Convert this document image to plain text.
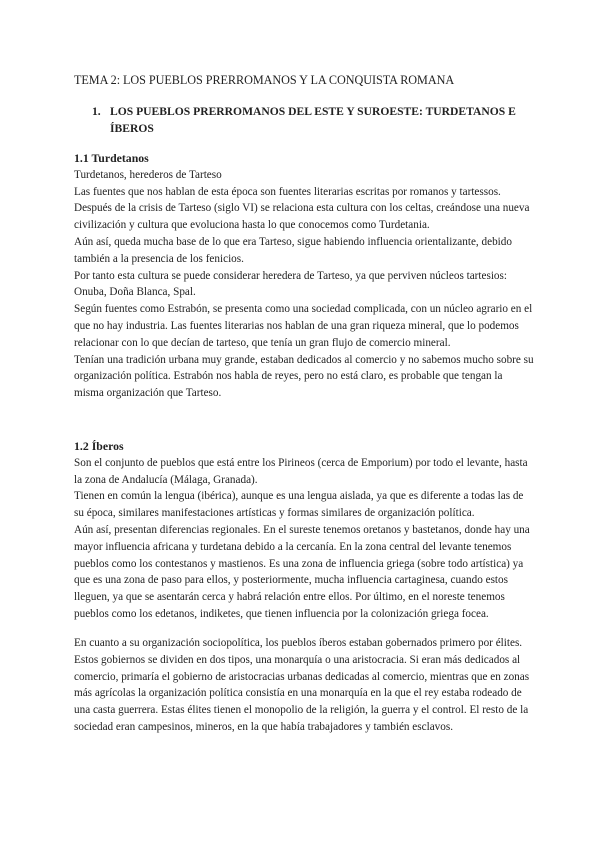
TEMA 2: LOS PUEBLOS PRERROMANOS Y LA CONQUISTA ROMANA
1. LOS PUEBLOS PRERROMANOS DEL ESTE Y SUROESTE: TURDETANOS E ÍBEROS

1.1 Turdetanos

Turdetanos, herederos de Tarteso

Las fuentes que nos hablan de esta época son fuentes literarias escritas por romanos y tartessos.

Después de la crisis de Tarteso (siglo VI) se relaciona esta cultura con los celtas, creándose una nueva civilización y cultura que evoluciona hasta lo que conocemos como Turdetania.

Aún así, queda mucha base de lo que era Tarteso, sigue habiendo influencia orientalizante, debido también a la presencia de los fenicios.

Por tanto esta cultura se puede considerar heredera de Tarteso, ya que perviven núcleos tartesios: Onuba, Doña Blanca, Spal.

Según fuentes como Estrabón, se presenta como una sociedad complicada, con un núcleo agrario en el que no hay industria. Las fuentes literarias nos hablan de una gran riqueza mineral, que lo podemos relacionar con lo que decían de tarteso, que tenía un gran flujo de comercio mineral.

Tenían una tradición urbana muy grande, estaban dedicados al comercio y no sabemos mucho sobre su organización política. Estrabón nos habla de reyes, pero no está claro, es probable que tengan la misma organización que Tarteso.

1.2 Íberos

Son el conjunto de pueblos que está entre los Pirineos (cerca de Emporium) por todo el levante, hasta la zona de Andalucía (Málaga, Granada).

Tienen en común la lengua (ibérica), aunque es una lengua aislada, ya que es diferente a todas las de su época, similares manifestaciones artísticas y formas similares de organización política.

Aún así, presentan diferencias regionales. En el sureste tenemos oretanos y bastetanos, donde hay una mayor influencia africana y turdetana debido a la cercanía. En la zona central del levante tenemos pueblos como los contestanos y mastienos. Es una zona de influencia griega (sobre todo artística) ya que es una zona de paso para ellos, y posteriormente, mucha influencia cartaginesa, cuando estos lleguen, ya que se asentarán cerca y habrá relación entre ellos. Por último, en el noreste tenemos pueblos como los edetanos, indiketes, que tienen influencia por la colonización griega focea.

En cuanto a su organización sociopolítica, los pueblos íberos estaban gobernados primero por élites. Estos gobiernos se dividen en dos tipos, una monarquía o una aristocracia. Si eran más dedicados al comercio, primaría el gobierno de aristocracias urbanas dedicadas al comercio, mientras que en zonas más agrícolas la organización política consistía en una monarquía en la que el rey estaba rodeado de una casta guerrera. Estas élites tienen el monopolio de la religión, la guerra y el control. El resto de la sociedad eran campesinos, mineros, en la que había trabajadores y también esclavos.
